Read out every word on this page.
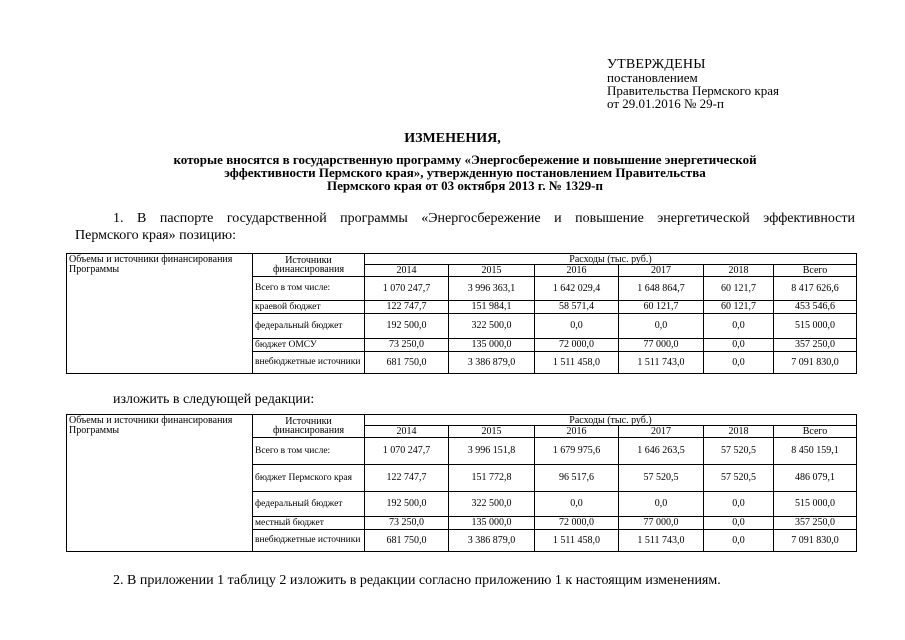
УТВЕРЖДЕНЫ
постановлением
Правительства Пермского края
от 29.01.2016 № 29-п
ИЗМЕНЕНИЯ,
которые вносятся в государственную программу «Энергосбережение и повышение энергетической
эффективности Пермского края», утвержденную постановлением Правительства
Пермского края от 03 октября 2013 г. № 1329-п
1. В паспорте государственной программы «Энергосбережение и повышение энергетической эффективности
Пермского края» позицию:
Объемы и источники финансирования Программы	Источники финансирования	Расходы (тыс. руб.)					
		2014	2015	2016	2017	2018	Всего
	Всего в том числе:	1 070 247,7	3 996 363,1	1 642 029,4	1 648 864,7	60 121,7	8 417 626,6
	краевой бюджет	122 747,7	151 984,1	58 571,4	60 121,7	60 121,7	453 546,6
	федеральный бюджет	192 500,0	322 500,0	0,0	0,0	0,0	515 000,0
	бюджет ОМСУ	73 250,0	135 000,0	72 000,0	77 000,0	0,0	357 250,0
	внебюджетные источники	681 750,0	3 386 879,0	1 511 458,0	1 511 743,0	0,0	7 091 830,0
изложить в следующей редакции:
Объемы и источники финансирования Программы	Источники финансирования	Расходы (тыс. руб.)					
		2014	2015	2016	2017	2018	Всего
	Всего в том числе:	1 070 247,7	3 996 151,8	1 679 975,6	1 646 263,5	57 520,5	8 450 159,1
	бюджет Пермского края	122 747,7	151 772,8	96 517,6	57 520,5	57 520,5	486 079,1
	федеральный бюджет	192 500,0	322 500,0	0,0	0,0	0,0	515 000,0
	местный бюджет	73 250,0	135 000,0	72 000,0	77 000,0	0,0	357 250,0
	внебюджетные источники	681 750,0	3 386 879,0	1 511 458,0	1 511 743,0	0,0	7 091 830,0
2. В приложении 1 таблицу 2 изложить в редакции согласно приложению 1 к настоящим изменениям.
